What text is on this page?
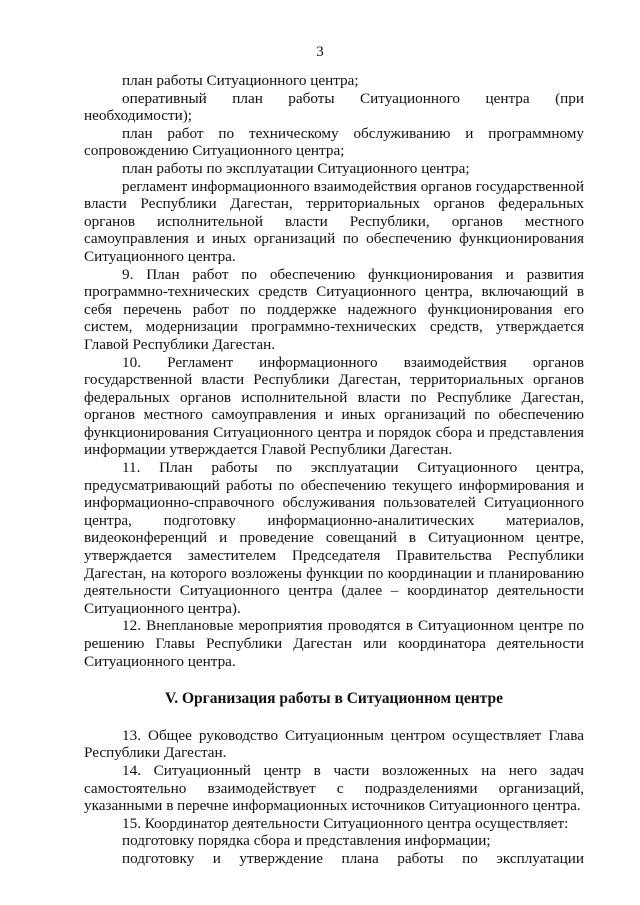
3

план работы Ситуационного центра;

оперативный план работы Ситуационного центра (при необходимости);

план работ по техническому обслуживанию и программному сопровождению Ситуационного центра;

план работы по эксплуатации Ситуационного центра;

регламент информационного взаимодействия органов государственной власти Республики Дагестан, территориальных органов федеральных органов исполнительной власти Республики, органов местного самоуправления и иных организаций по обеспечению функционирования Ситуационного центра.

9. План работ по обеспечению функционирования и развития программно-технических средств Ситуационного центра, включающий в себя перечень работ по поддержке надежного функционирования его систем, модернизации программно-технических средств, утверждается Главой Республики Дагестан.

10. Регламент информационного взаимодействия органов государственной власти Республики Дагестан, территориальных органов федеральных органов исполнительной власти по Республике Дагестан, органов местного самоуправления и иных организаций по обеспечению функционирования Ситуационного центра и порядок сбора и представления информации утверждается Главой Республики Дагестан.

11. План работы по эксплуатации Ситуационного центра, предусматривающий работы по обеспечению текущего информирования и информационно-справочного обслуживания пользователей Ситуационного центра, подготовку информационно-аналитических материалов, видеоконференций и проведение совещаний в Ситуационном центре, утверждается заместителем Председателя Правительства Республики Дагестан, на которого возложены функции по координации и планированию деятельности Ситуационного центра (далее – координатор деятельности Ситуационного центра).

12. Внеплановые мероприятия проводятся в Ситуационном центре по решению Главы Республики Дагестан или координатора деятельности Ситуационного центра.

V. Организация работы в Ситуационном центре

13. Общее руководство Ситуационным центром осуществляет Глава Республики Дагестан.

14. Ситуационный центр в части возложенных на него задач самостоятельно взаимодействует с подразделениями организаций, указанными в перечне информационных источников Ситуационного центра.

15. Координатор деятельности Ситуационного центра осуществляет:

подготовку порядка сбора и представления информации;

подготовку и утверждение плана работы по эксплуатации
